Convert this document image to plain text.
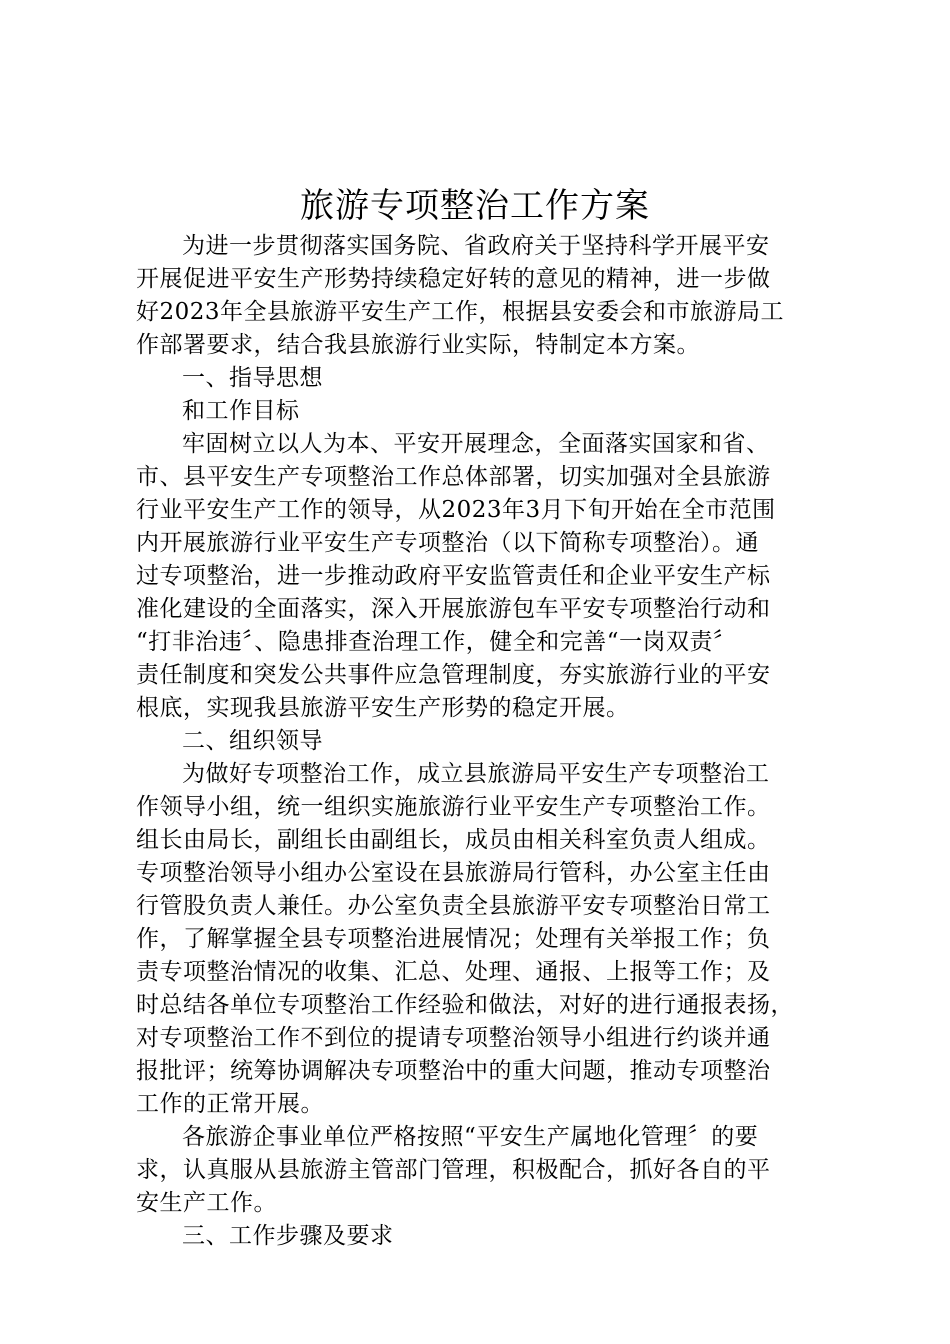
旅游专项整治工作方案
为进一步贯彻落实国务院、省政府关于坚持科学开展平安
开展促进平安生产形势持续稳定好转的意见的精神，进一步做
好2023年全县旅游平安生产工作，根据县安委会和市旅游局工
作部署要求，结合我县旅游行业实际，特制定本方案。
一、指导思想
和工作目标
牢固树立以人为本、平安开展理念，全面落实国家和省、
市、县平安生产专项整治工作总体部署，切实加强对全县旅游
行业平安生产工作的领导，从2023年3月下旬开始在全市范围
内开展旅游行业平安生产专项整治（以下简称专项整治）。通
过专项整治，进一步推动政府平安监管责任和企业平安生产标
准化建设的全面落实，深入开展旅游包车平安专项整治行动和
“打非治违〞、隐患排查治理工作，健全和完善“一岗双责〞
责任制度和突发公共事件应急管理制度，夯实旅游行业的平安
根底，实现我县旅游平安生产形势的稳定开展。
二、组织领导
为做好专项整治工作，成立县旅游局平安生产专项整治工
作领导小组，统一组织实施旅游行业平安生产专项整治工作。
组长由局长，副组长由副组长，成员由相关科室负责人组成。
专项整治领导小组办公室设在县旅游局行管科，办公室主任由
行管股负责人兼任。办公室负责全县旅游平安专项整治日常工
作，了解掌握全县专项整治进展情况；处理有关举报工作；负
责专项整治情况的收集、汇总、处理、通报、上报等工作；及
时总结各单位专项整治工作经验和做法，对好的进行通报表扬，
对专项整治工作不到位的提请专项整治领导小组进行约谈并通
报批评；统筹协调解决专项整治中的重大问题，推动专项整治
工作的正常开展。
各旅游企事业单位严格按照“平安生产属地化管理〞的要
求，认真服从县旅游主管部门管理，积极配合，抓好各自的平
安生产工作。
三、工作步骤及要求
